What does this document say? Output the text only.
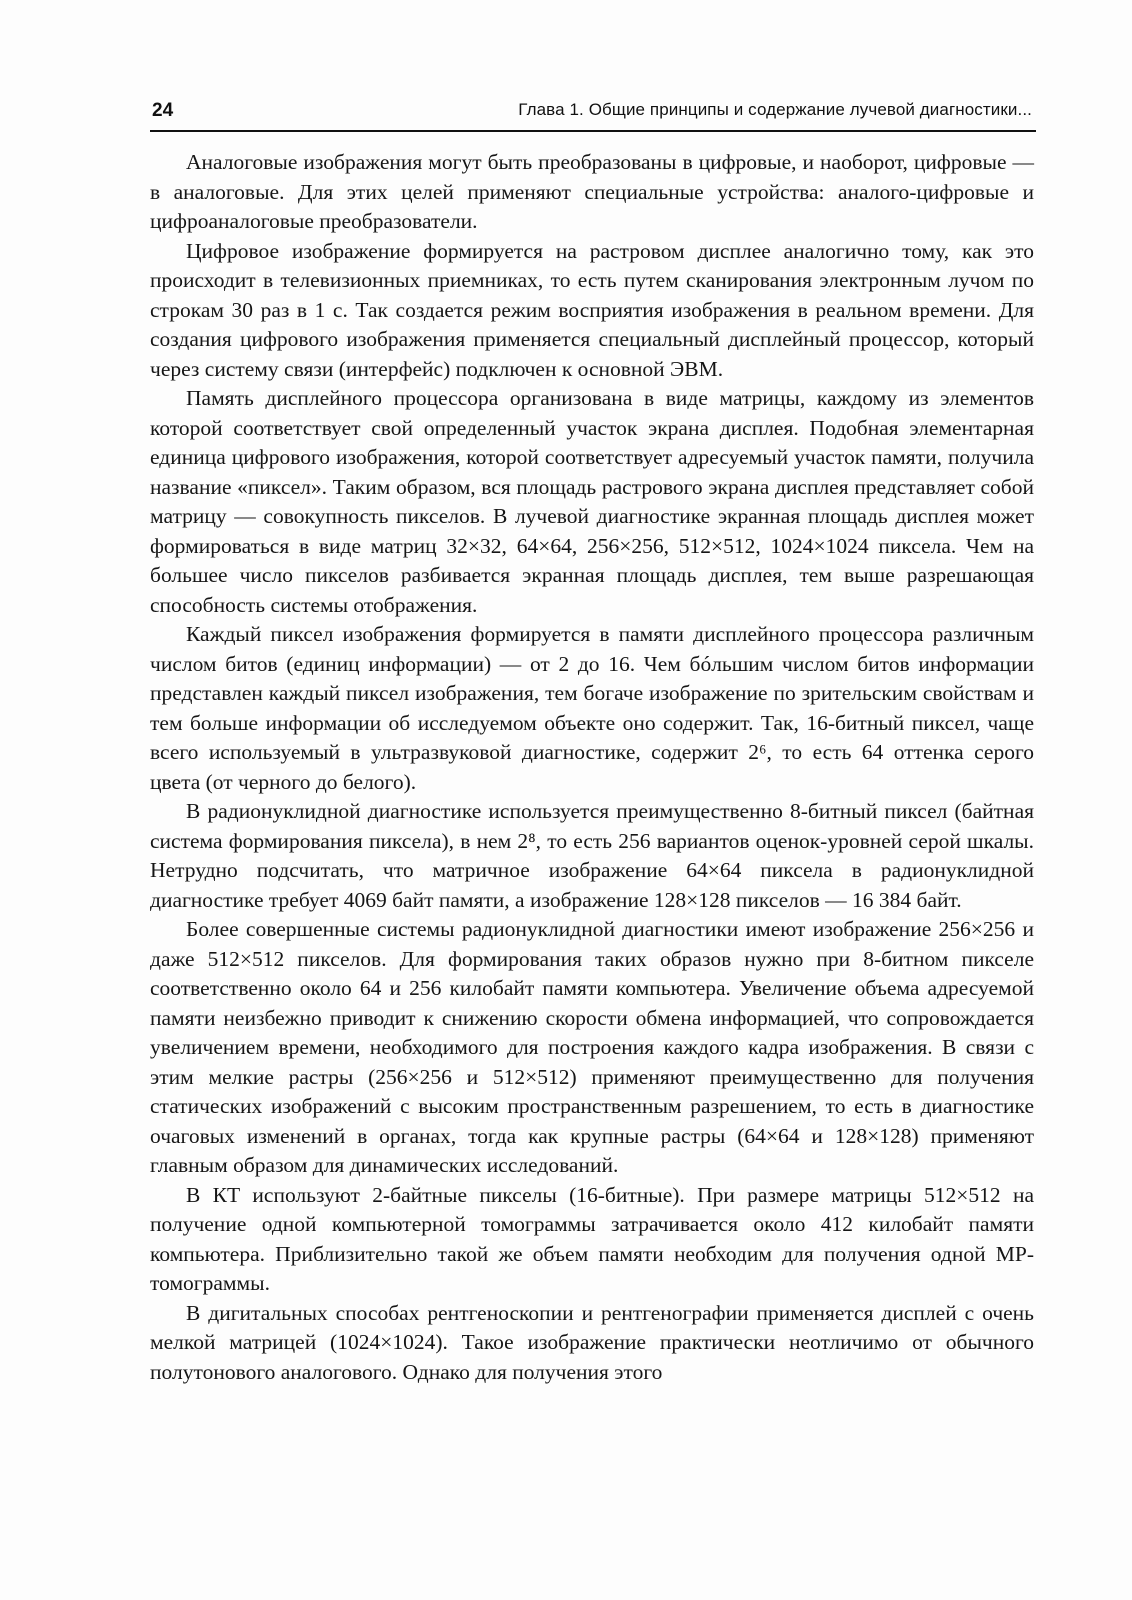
24	Глава 1. Общие принципы и содержание лучевой диагностики...

Аналоговые изображения могут быть преобразованы в цифровые, и наоборот, цифровые — в аналоговые. Для этих целей применяют специальные устройства: аналого-цифровые и цифроаналоговые преобразователи.

Цифровое изображение формируется на растровом дисплее аналогично тому, как это происходит в телевизионных приемниках, то есть путем сканирования электронным лучом по строкам 30 раз в 1 с. Так создается режим восприятия изображения в реальном времени. Для создания цифрового изображения применяется специальный дисплейный процессор, который через систему связи (интерфейс) подключен к основной ЭВМ.

Память дисплейного процессора организована в виде матрицы, каждому из элементов которой соответствует свой определенный участок экрана дисплея. Подобная элементарная единица цифрового изображения, которой соответствует адресуемый участок памяти, получила название «пиксел». Таким образом, вся площадь растрового экрана дисплея представляет собой матрицу — совокупность пикселов. В лучевой диагностике экранная площадь дисплея может формироваться в виде матриц 32×32, 64×64, 256×256, 512×512, 1024×1024 пиксела. Чем на большее число пикселов разбивается экранная площадь дисплея, тем выше разрешающая способность системы отображения.

Каждый пиксел изображения формируется в памяти дисплейного процессора различным числом битов (единиц информации) — от 2 до 16. Чем бóльшим числом битов информации представлен каждый пиксел изображения, тем богаче изображение по зрительским свойствам и тем больше информации об исследуемом объекте оно содержит. Так, 16-битный пиксел, чаще всего используемый в ультразвуковой диагностике, содержит 2⁶, то есть 64 оттенка серого цвета (от черного до белого).

В радионуклидной диагностике используется преимущественно 8-битный пиксел (байтная система формирования пиксела), в нем 2⁸, то есть 256 вариантов оценок-уровней серой шкалы. Нетрудно подсчитать, что матричное изображение 64×64 пиксела в радионуклидной диагностике требует 4069 байт памяти, а изображение 128×128 пикселов — 16 384 байт.

Более совершенные системы радионуклидной диагностики имеют изображение 256×256 и даже 512×512 пикселов. Для формирования таких образов нужно при 8-битном пикселе соответственно около 64 и 256 килобайт памяти компьютера. Увеличение объема адресуемой памяти неизбежно приводит к снижению скорости обмена информацией, что сопровождается увеличением времени, необходимого для построения каждого кадра изображения. В связи с этим мелкие растры (256×256 и 512×512) применяют преимущественно для получения статических изображений с высоким пространственным разрешением, то есть в диагностике очаговых изменений в органах, тогда как крупные растры (64×64 и 128×128) применяют главным образом для динамических исследований.

В КТ используют 2-байтные пикселы (16-битные). При размере матрицы 512×512 на получение одной компьютерной томограммы затрачивается около 412 килобайт памяти компьютера. Приблизительно такой же объем памяти необходим для получения одной МР-томограммы.

В дигитальных способах рентгеноскопии и рентгенографии применяется дисплей с очень мелкой матрицей (1024×1024). Такое изображение практически неотличимо от обычного полутонового аналогового. Однако для получения этого
